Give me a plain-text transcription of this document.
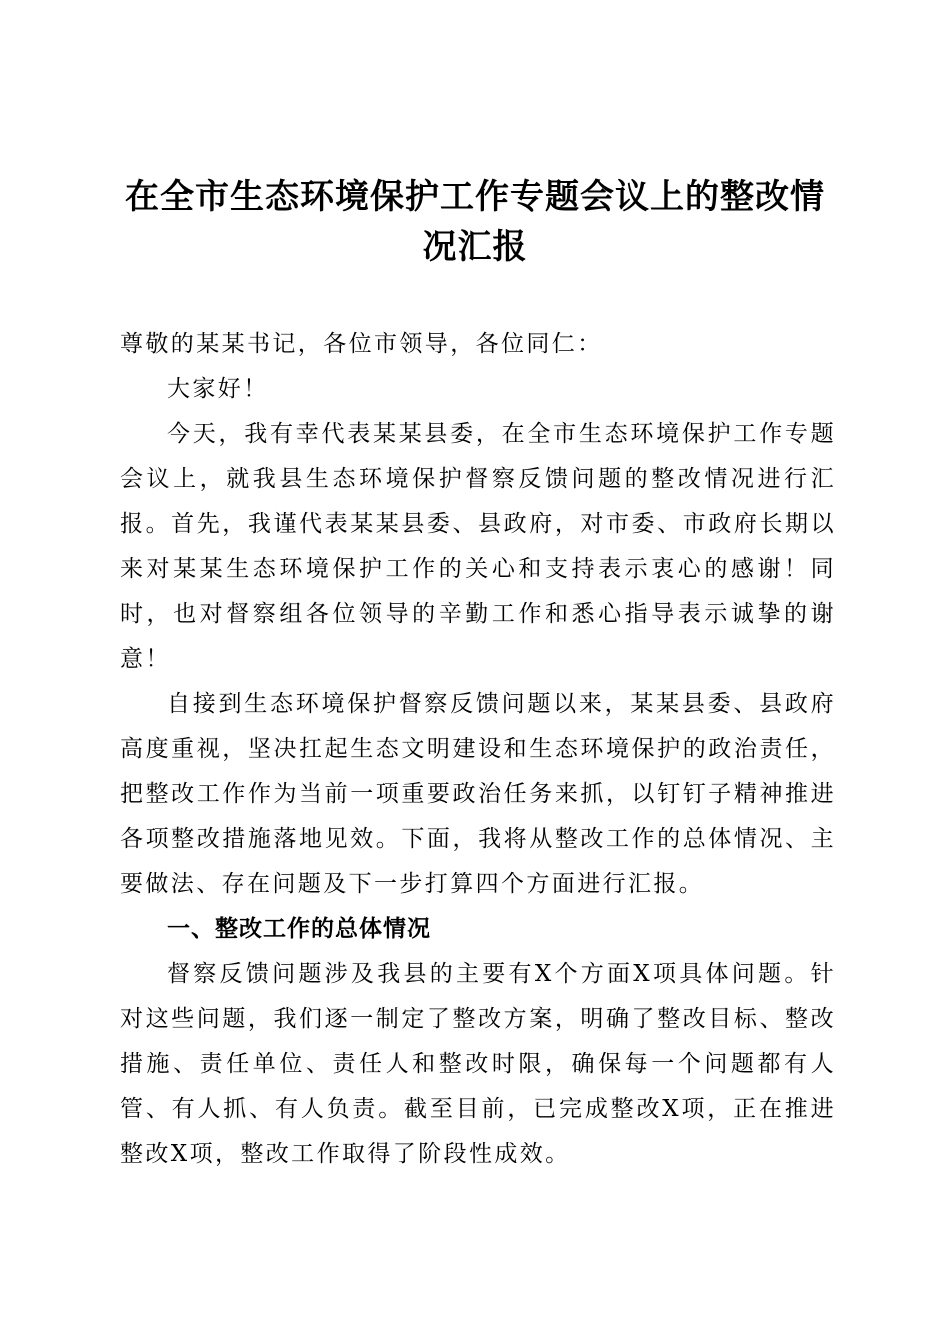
在全市生态环境保护工作专题会议上的整改情况汇报

尊敬的某某书记，各位市领导，各位同仁：

大家好！

今天，我有幸代表某某县委，在全市生态环境保护工作专题会议上，就我县生态环境保护督察反馈问题的整改情况进行汇报。首先，我谨代表某某县委、县政府，对市委、市政府长期以来对某某生态环境保护工作的关心和支持表示衷心的感谢！同时，也对督察组各位领导的辛勤工作和悉心指导表示诚挚的谢意！

自接到生态环境保护督察反馈问题以来，某某县委、县政府高度重视，坚决扛起生态文明建设和生态环境保护的政治责任，把整改工作作为当前一项重要政治任务来抓，以钉钉子精神推进各项整改措施落地见效。下面，我将从整改工作的总体情况、主要做法、存在问题及下一步打算四个方面进行汇报。

一、整改工作的总体情况

督察反馈问题涉及我县的主要有X个方面X项具体问题。针对这些问题，我们逐一制定了整改方案，明确了整改目标、整改措施、责任单位、责任人和整改时限，确保每一个问题都有人管、有人抓、有人负责。截至目前，已完成整改X项，正在推进整改X项，整改工作取得了阶段性成效。
